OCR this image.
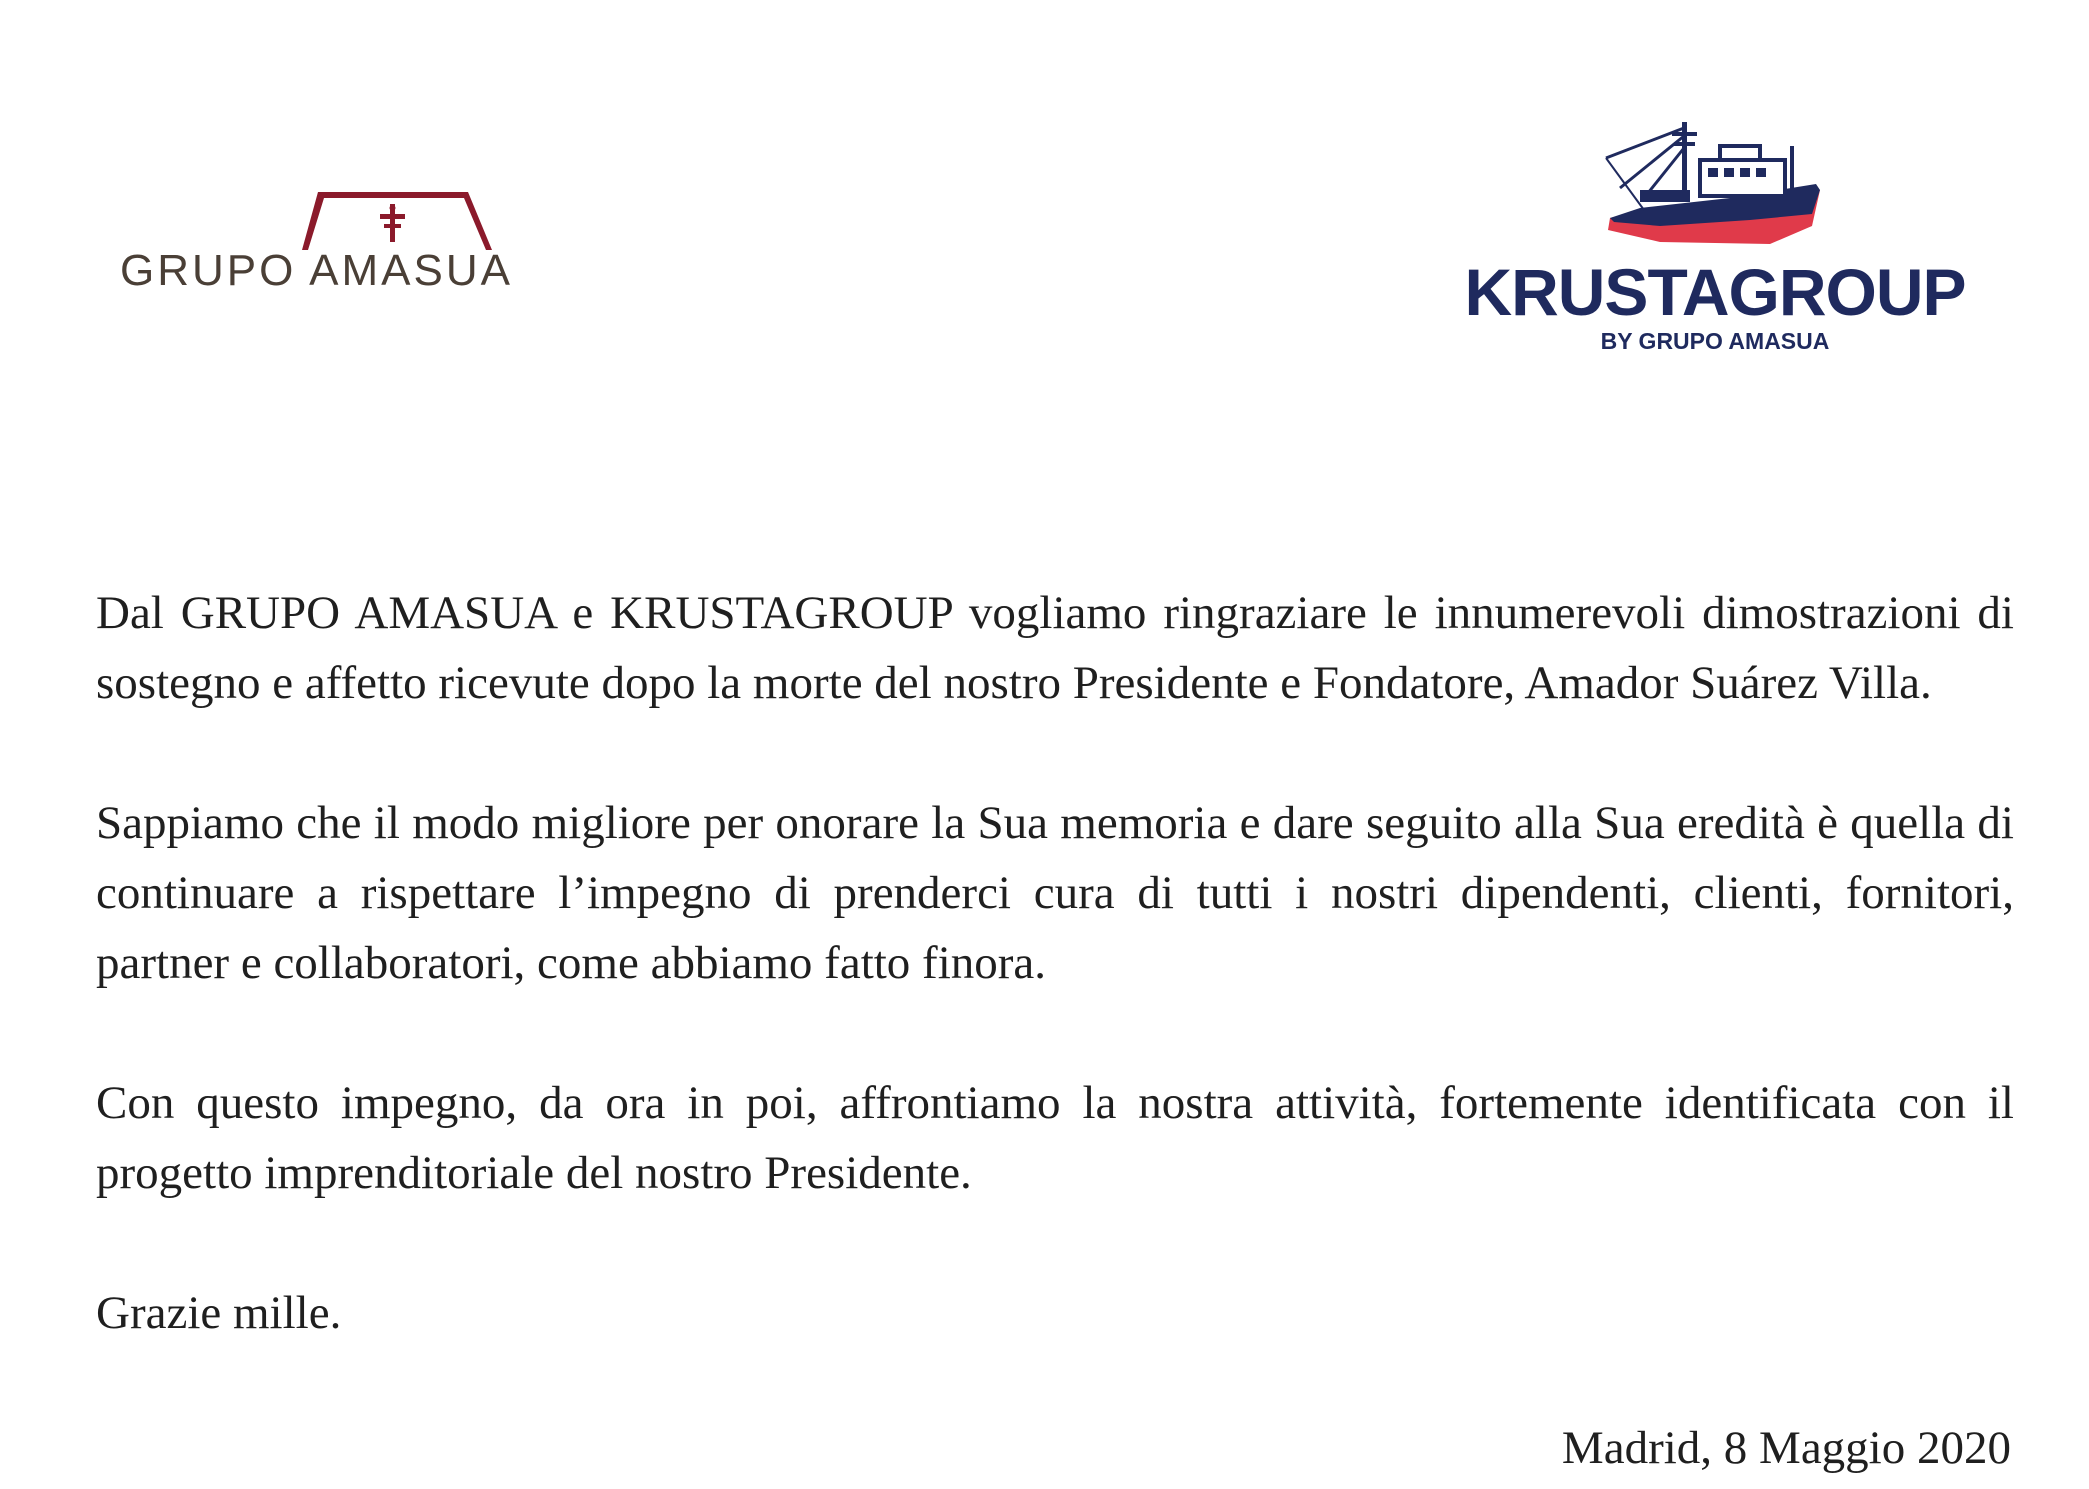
GRUPO AMASUA	KRUSTAGROUP
BY GRUPO AMASUA

Dal GRUPO AMASUA e KRUSTAGROUP vogliamo ringraziare le innumerevoli dimostrazioni di sostegno e affetto ricevute dopo la morte del nostro Presidente e Fondatore, Amador Suárez Villa.

Sappiamo che il modo migliore per onorare la Sua memoria e dare seguito alla Sua eredità è quella di continuare a rispettare l’impegno di prenderci cura di tutti i nostri dipendenti, clienti, fornitori, partner e collaboratori, come abbiamo fatto finora.

Con questo impegno, da ora in poi, affrontiamo la nostra attività, fortemente identificata con il progetto imprenditoriale del nostro Presidente.

Grazie mille.

Madrid, 8 Maggio 2020
